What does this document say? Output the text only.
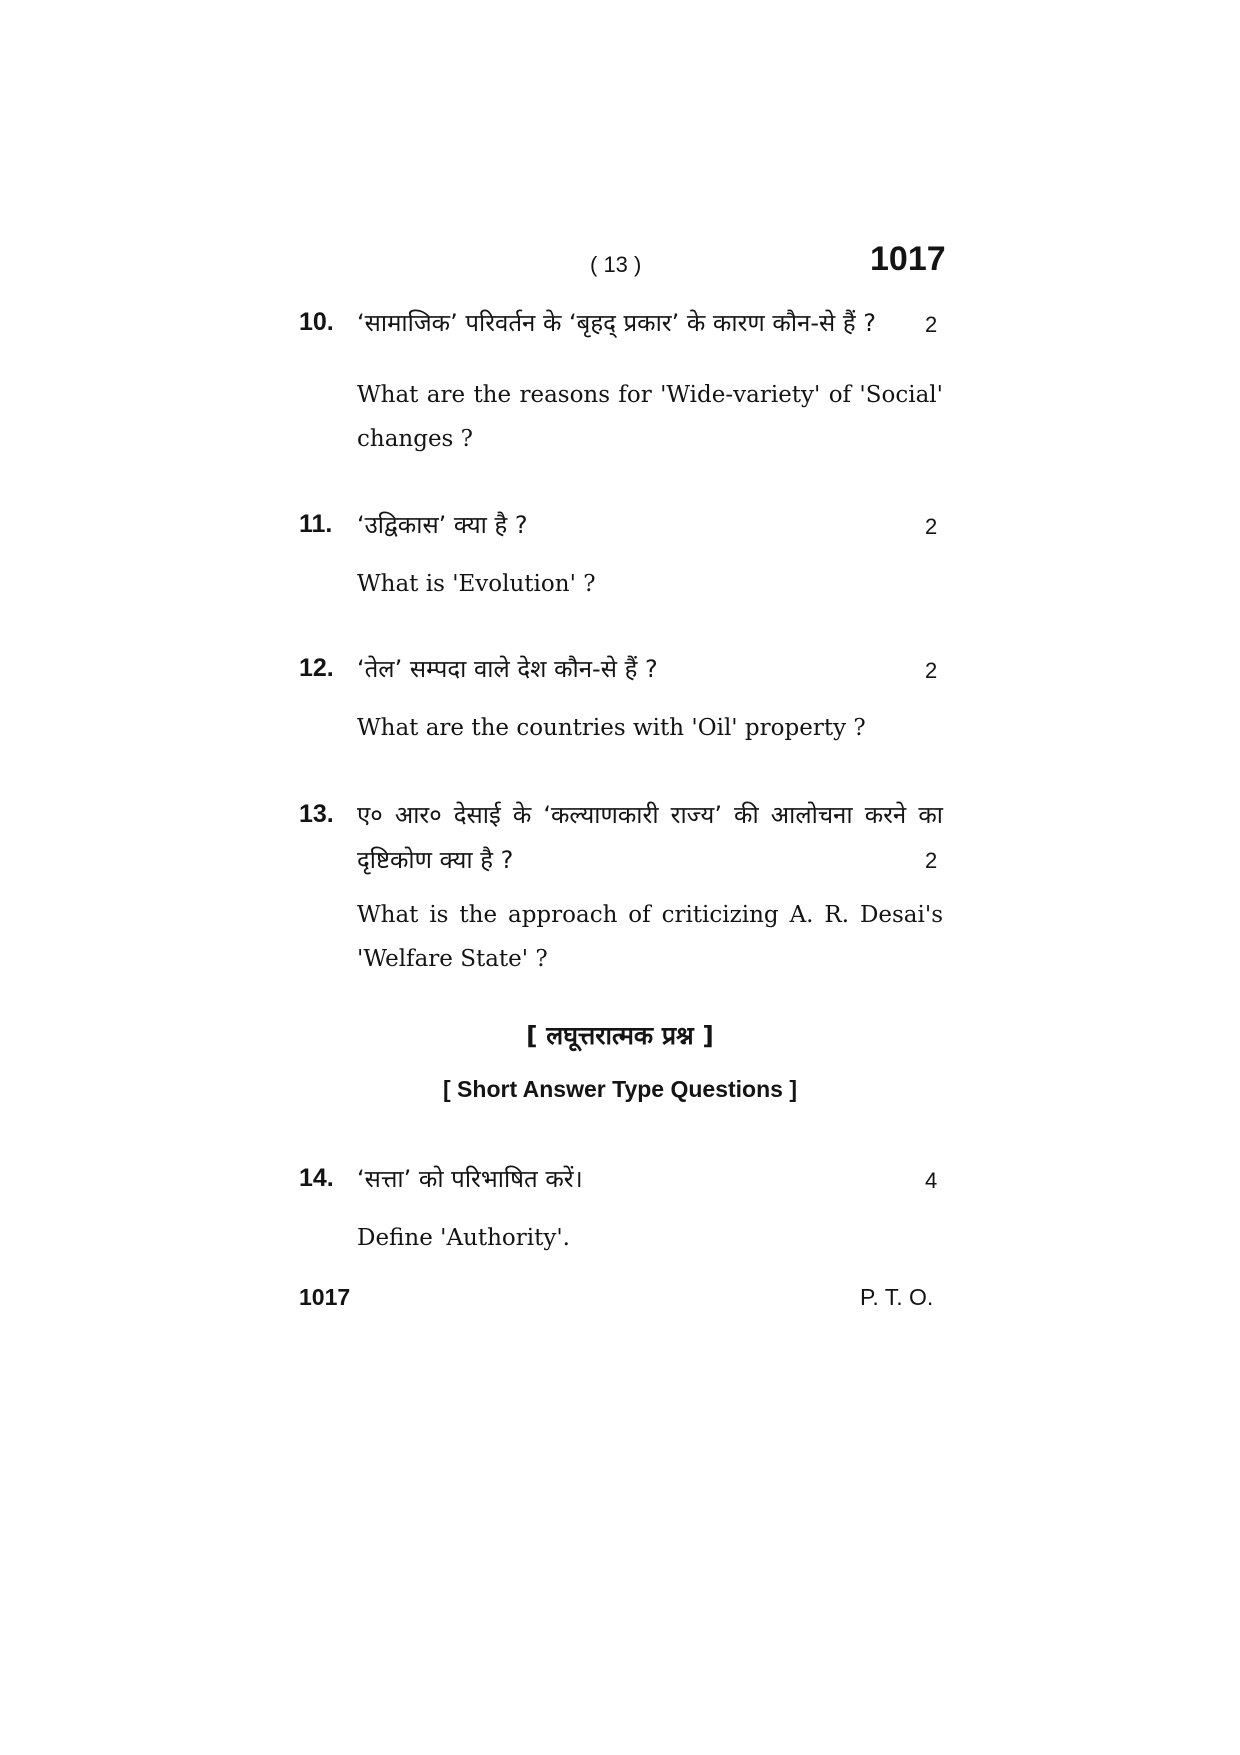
( 13 )	1017
10. ‘सामाजिक’ परिवर्तन के ‘बृहद् प्रकार’ के कारण कौन-से हैं ? 2
What are the reasons for 'Wide-variety' of 'Social' changes ?
11. ‘उद्विकास’ क्या है ?	2
What is 'Evolution' ?
12. ‘तेल’ सम्पदा वाले देश कौन-से हैं ?	2
What are the countries with 'Oil' property ?
13. ए० आर० देसाई के ‘कल्याणकारी राज्य’ की आलोचना करने का
दृष्टिकोण क्या है ?	2
What is the approach of criticizing A. R. Desai's 'Welfare State' ?
[ लघूत्तरात्मक प्रश्न ]
[ Short Answer Type Questions ]
14. ‘सत्ता’ को परिभाषित करें।	4
Define 'Authority'.
1017	P. T. O.
